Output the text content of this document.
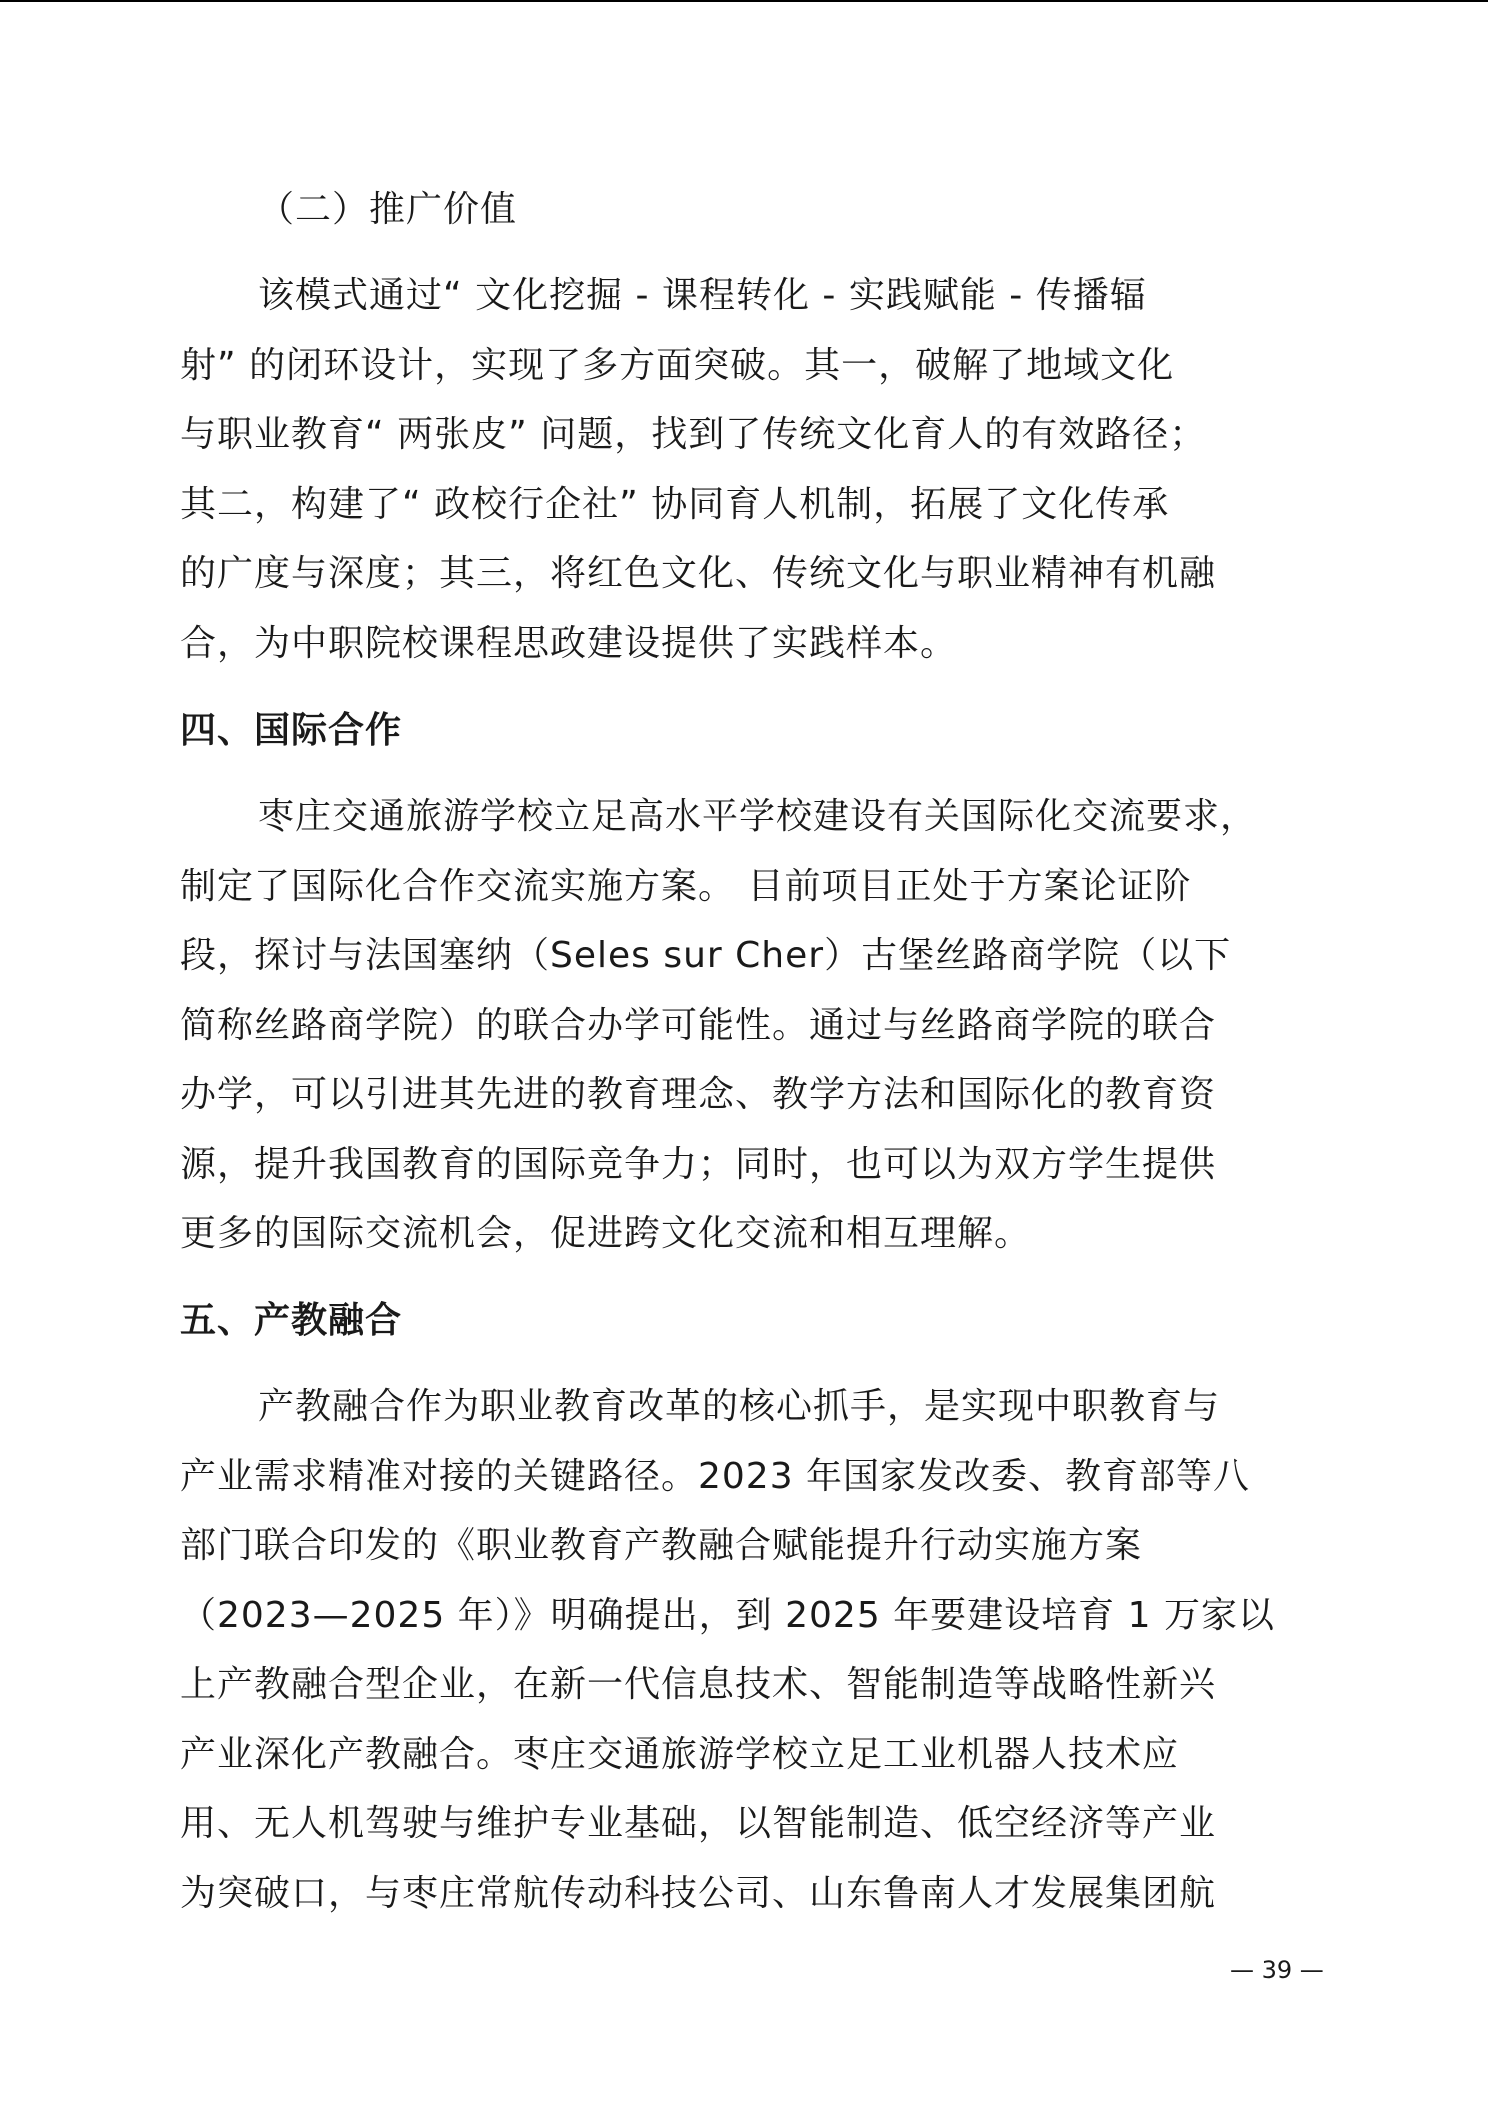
（二）推广价值

该模式通过“ 文化挖掘 - 课程转化 - 实践赋能 - 传播辐

射” 的闭环设计，实现了多方面突破。其一，破解了地域文化

与职业教育“ 两张皮” 问题，找到了传统文化育人的有效路径；

其二，构建了“ 政校行企社” 协同育人机制，拓展了文化传承

的广度与深度；其三，将红色文化、传统文化与职业精神有机融

合，为中职院校课程思政建设提供了实践样本。

四、国际合作

枣庄交通旅游学校立足高水平学校建设有关国际化交流要求，

制定了国际化合作交流实施方案。 目前项目正处于方案论证阶

段，探讨与法国塞纳（Seles sur Cher）古堡丝路商学院（以下

简称丝路商学院）的联合办学可能性。通过与丝路商学院的联合

办学，可以引进其先进的教育理念、教学方法和国际化的教育资

源，提升我国教育的国际竞争力；同时，也可以为双方学生提供

更多的国际交流机会，促进跨文化交流和相互理解。

五、产教融合

产教融合作为职业教育改革的核心抓手，是实现中职教育与

产业需求精准对接的关键路径。2023 年国家发改委、教育部等八

部门联合印发的《职业教育产教融合赋能提升行动实施方案

（2023—2025 年）》明确提出，到 2025 年要建设培育 1 万家以

上产教融合型企业，在新一代信息技术、智能制造等战略性新兴

产业深化产教融合。枣庄交通旅游学校立足工业机器人技术应

用、无人机驾驶与维护专业基础，以智能制造、低空经济等产业

为突破口，与枣庄常航传动科技公司、山东鲁南人才发展集团航

— 39 —
